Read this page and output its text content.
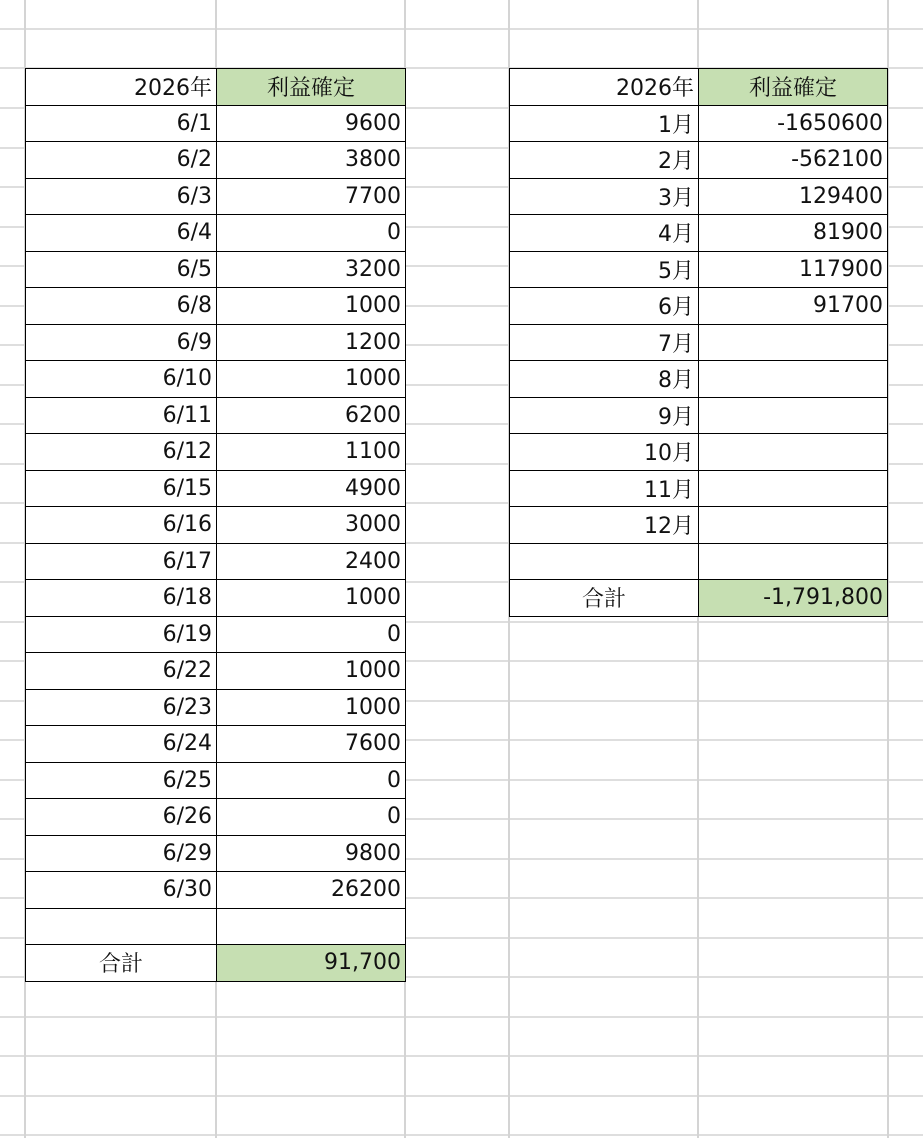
2026年	利益確定
6/1	9600
6/2	3800
6/3	7700
6/4	0
6/5	3200
6/8	1000
6/9	1200
6/10	1000
6/11	6200
6/12	1100
6/15	4900
6/16	3000
6/17	2400
6/18	1000
6/19	0
6/22	1000
6/23	1000
6/24	7600
6/25	0
6/26	0
6/29	9800
6/30	26200

合計	91,700
2026年	利益確定
1月	-1650600
2月	-562100
3月	129400
4月	81900
5月	117900
6月	91700
7月	
8月	
9月	
10月	
11月	
12月	

合計	-1,791,800
